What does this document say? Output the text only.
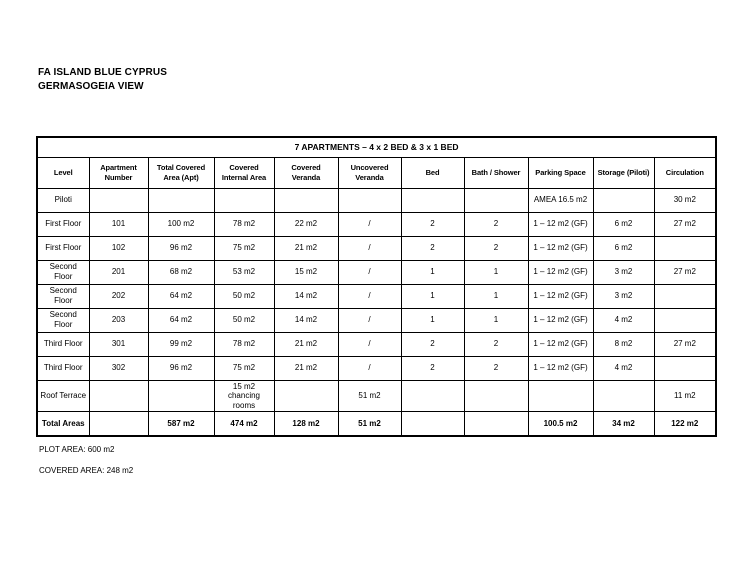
FA ISLAND BLUE CYPRUS
GERMASOGEIA VIEW
7 APARTMENTS – 4 x 2 BED & 3 x 1 BED										
Level	Apartment Number	Total Covered Area (Apt)	Covered Internal Area	Covered Veranda	Uncovered Veranda	Bed	Bath / Shower	Parking Space	Storage (Piloti)	Circulation
Piloti								AMEA 16.5 m2		30 m2
First Floor	101	100 m2	78 m2	22 m2	/	2	2	1 – 12 m2 (GF)	6 m2	27 m2
First Floor	102	96 m2	75 m2	21 m2	/	2	2	1 – 12 m2 (GF)	6 m2	
Second Floor	201	68 m2	53 m2	15 m2	/	1	1	1 – 12 m2 (GF)	3 m2	27 m2
Second Floor	202	64 m2	50 m2	14 m2	/	1	1	1 – 12 m2 (GF)	3 m2	
Second Floor	203	64 m2	50 m2	14 m2	/	1	1	1 – 12 m2 (GF)	4 m2	
Third Floor	301	99 m2	78 m2	21 m2	/	2	2	1 – 12 m2 (GF)	8 m2	27 m2
Third Floor	302	96 m2	75 m2	21 m2	/	2	2	1 – 12 m2 (GF)	4 m2	
Roof Terrace			15 m2 chancing rooms		51 m2					11 m2
Total Areas		587 m2	474 m2	128 m2	51 m2			100.5 m2	34 m2	122 m2

PLOT AREA: 600 m2

COVERED AREA: 248 m2
